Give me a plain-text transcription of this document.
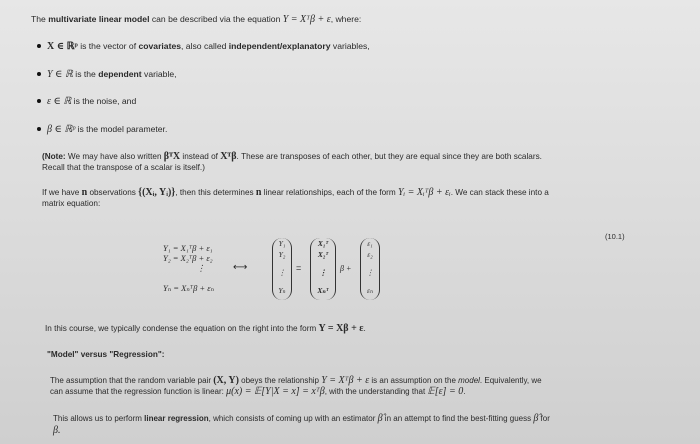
The multivariate linear model can be described via the equation Y = Xᵀβ + ε, where:
X ∈ ℝᵖ is the vector of covariates, also called independent/explanatory variables,
Y ∈ ℝ is the dependent variable,
ε ∈ ℝ is the noise, and
β ∈ ℝᵖ is the model parameter.
(Note: We may have also written βᵀX instead of Xᵀβ. These are transposes of each other, but they are equal since they are both scalars.
Recall that the transpose of a scalar is itself.)
If we have n observations {(Xᵢ, Yᵢ)}, then this determines n linear relationships, each of the form Yᵢ = Xᵢᵀβ + εᵢ. We can stack these into a
matrix equation:
(10.1)
Y₁ = X₁ᵀβ + ε₁
Y₂ = X₂ᵀβ + ε₂
⋮
Yₙ = Xₙᵀβ + εₙ
⟷
Y₁
Y₂
⋮
Yₙ
=
X₁ᵀ
X₂ᵀ
⋮
Xₙᵀ
β +
ε₁
ε₂
⋮
εₙ
In this course, we typically condense the equation on the right into the form Y = Xβ + ε.
"Model" versus "Regression":
The assumption that the random variable pair (X, Y) obeys the relationship Y = Xᵀβ + ε is an assumption on the model. Equivalently, we
can assume that the regression function is linear: μ(x) = 𝔼[Y|X = x] = xᵀβ, with the understanding that 𝔼[ε] = 0.
This allows us to perform linear regression, which consists of coming up with an estimator β̂ in an attempt to find the best-fitting guess β̂ for
β.
